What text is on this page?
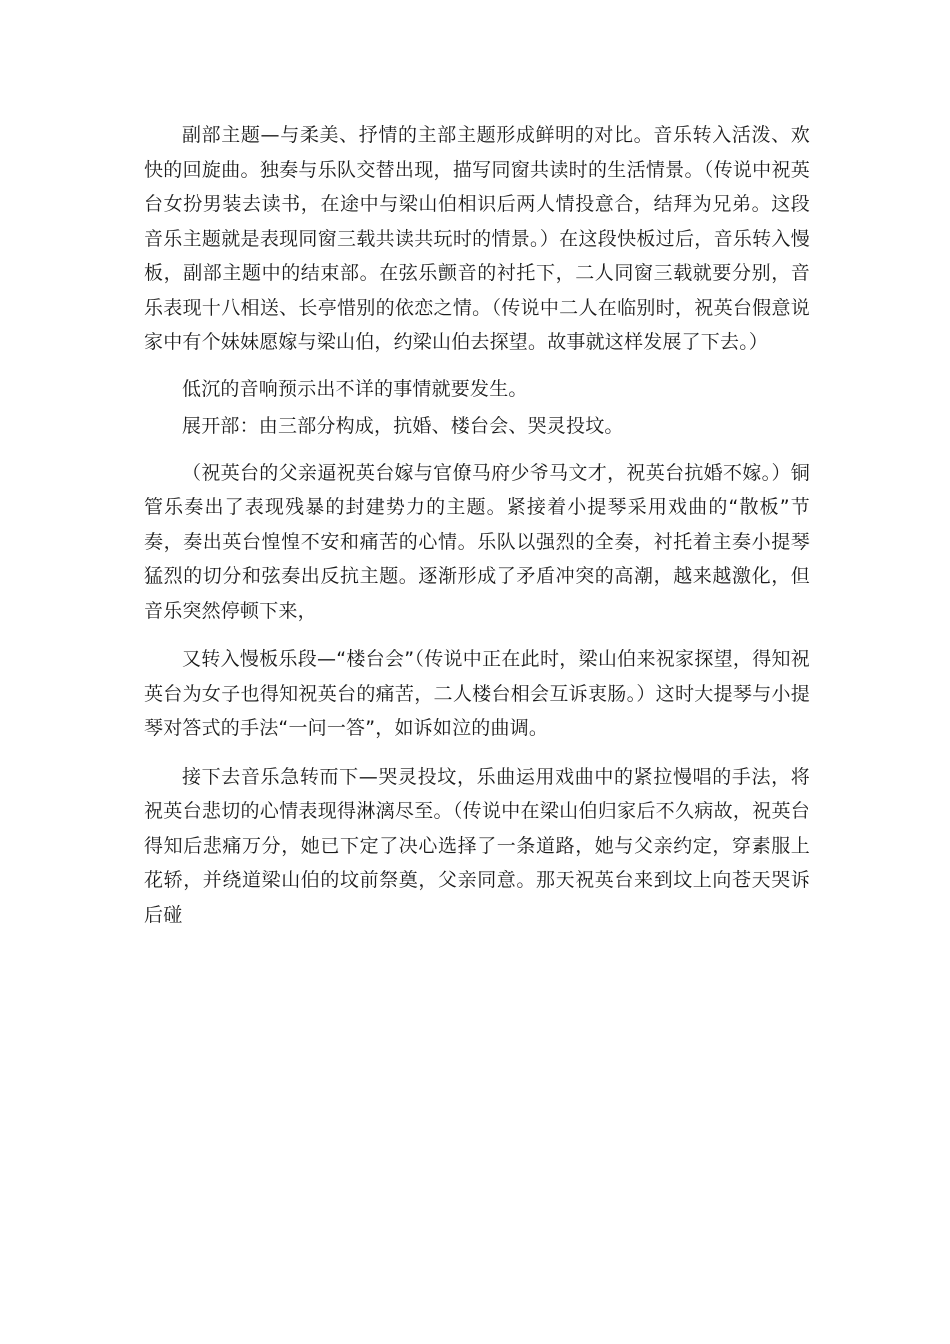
副部主题—与柔美、抒情的主部主题形成鲜明的对比。音乐转入活泼、欢快的回旋曲。独奏与乐队交替出现，描写同窗共读时的生活情景。（传说中祝英台女扮男装去读书，在途中与梁山伯相识后两人情投意合，结拜为兄弟。这段音乐主题就是表现同窗三载共读共玩时的情景。）在这段快板过后，音乐转入慢板，副部主题中的结束部。在弦乐颤音的衬托下，二人同窗三载就要分别，音乐表现十八相送、长亭惜别的依恋之情。（传说中二人在临别时，祝英台假意说家中有个妹妹愿嫁与梁山伯，约梁山伯去探望。故事就这样发展了下去。）

低沉的音响预示出不详的事情就要发生。

展开部：由三部分构成，抗婚、楼台会、哭灵投坟。

（祝英台的父亲逼祝英台嫁与官僚马府少爷马文才，祝英台抗婚不嫁。）铜管乐奏出了表现残暴的封建势力的主题。紧接着小提琴采用戏曲的“散板”节奏，奏出英台惶惶不安和痛苦的心情。乐队以强烈的全奏，衬托着主奏小提琴猛烈的切分和弦奏出反抗主题。逐渐形成了矛盾冲突的高潮，越来越激化，但音乐突然停顿下来，

又转入慢板乐段—“楼台会”（传说中正在此时，梁山伯来祝家探望，得知祝英台为女子也得知祝英台的痛苦，二人楼台相会互诉衷肠。）这时大提琴与小提琴对答式的手法“一问一答”，如诉如泣的曲调。

接下去音乐急转而下—哭灵投坟，乐曲运用戏曲中的紧拉慢唱的手法，将祝英台悲切的心情表现得淋漓尽至。（传说中在梁山伯归家后不久病故，祝英台得知后悲痛万分，她已下定了决心选择了一条道路，她与父亲约定，穿素服上花轿，并绕道梁山伯的坟前祭奠，父亲同意。那天祝英台来到坟上向苍天哭诉后碰
